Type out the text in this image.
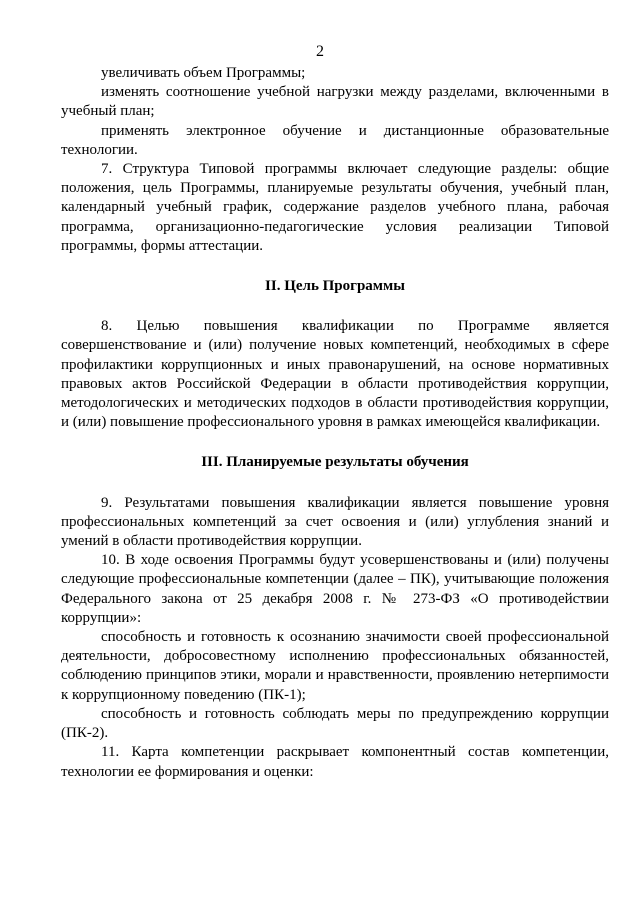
2

увеличивать объем Программы;

изменять соотношение учебной нагрузки между разделами, включенными в учебный план;

применять электронное обучение и дистанционные образовательные технологии.

7. Структура Типовой программы включает следующие разделы: общие положения, цель Программы, планируемые результаты обучения, учебный план, календарный учебный график, содержание разделов учебного плана, рабочая программа, организационно-педагогические условия реализации Типовой программы, формы аттестации.

II. Цель Программы

8. Целью повышения квалификации по Программе является совершенствование и (или) получение новых компетенций, необходимых в сфере профилактики коррупционных и иных правонарушений, на основе нормативных правовых актов Российской Федерации в области противодействия коррупции, методологических и методических подходов в области противодействия коррупции, и (или) повышение профессионального уровня в рамках имеющейся квалификации.

III. Планируемые результаты обучения

9. Результатами повышения квалификации является повышение уровня профессиональных компетенций за счет освоения и (или) углубления знаний и умений в области противодействия коррупции.

10. В ходе освоения Программы будут усовершенствованы и (или) получены следующие профессиональные компетенции (далее – ПК), учитывающие положения Федерального закона от 25 декабря 2008 г. № 273-ФЗ «О противодействии коррупции»:

способность и готовность к осознанию значимости своей профессиональной деятельности, добросовестному исполнению профессиональных обязанностей, соблюдению принципов этики, морали и нравственности, проявлению нетерпимости к коррупционному поведению (ПК-1);

способность и готовность соблюдать меры по предупреждению коррупции (ПК-2).

11. Карта компетенции раскрывает компонентный состав компетенции, технологии ее формирования и оценки:
